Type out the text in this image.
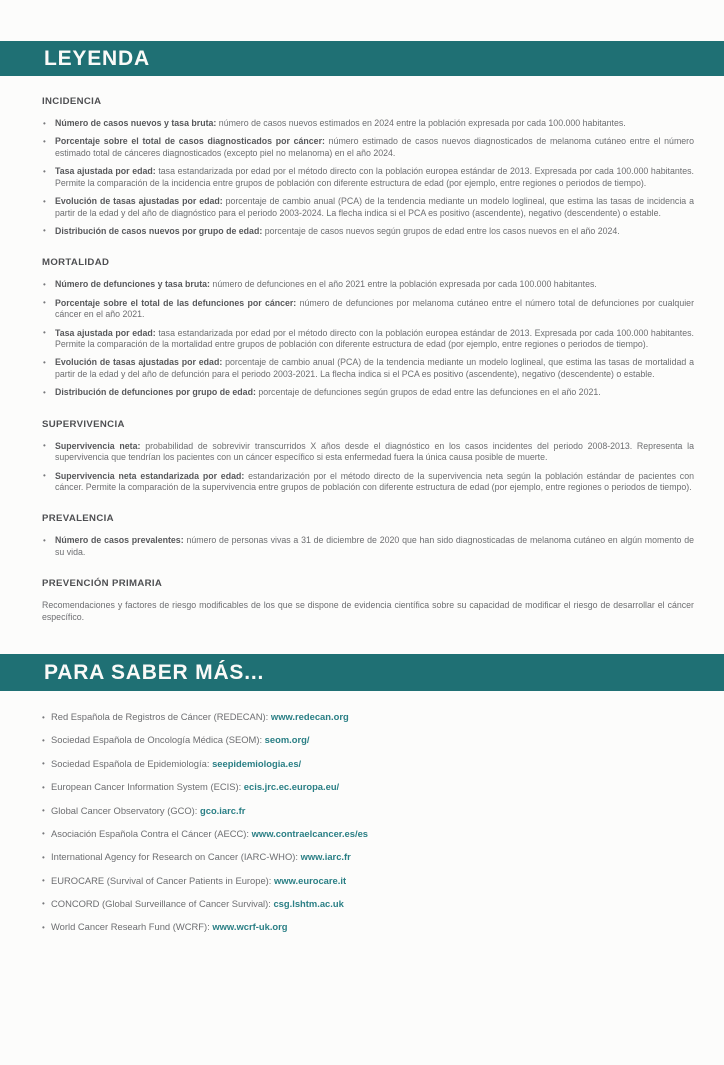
LEYENDA
INCIDENCIA
• Número de casos nuevos y tasa bruta: número de casos nuevos estimados en 2024 entre la población expresada por cada 100.000 habitantes.
• Porcentaje sobre el total de casos diagnosticados por cáncer: número estimado de casos nuevos diagnosticados de melanoma cutáneo entre el número estimado total de cánceres diagnosticados (excepto piel no melanoma) en el año 2024.
• Tasa ajustada por edad: tasa estandarizada por edad por el método directo con la población europea estándar de 2013. Expresada por cada 100.000 habitantes. Permite la comparación de la incidencia entre grupos de población con diferente estructura de edad (por ejemplo, entre regiones o periodos de tiempo).
• Evolución de tasas ajustadas por edad: porcentaje de cambio anual (PCA) de la tendencia mediante un modelo loglineal, que estima las tasas de incidencia a partir de la edad y del año de diagnóstico para el periodo 2003-2024. La flecha indica si el PCA es positivo (ascendente), negativo (descendente) o estable.
• Distribución de casos nuevos por grupo de edad: porcentaje de casos nuevos según grupos de edad entre los casos nuevos en el año 2024.
MORTALIDAD
• Número de defunciones y tasa bruta: número de defunciones en el año 2021 entre la población expresada por cada 100.000 habitantes.
• Porcentaje sobre el total de las defunciones por cáncer: número de defunciones por melanoma cutáneo entre el número total de defunciones por cualquier cáncer en el año 2021.
• Tasa ajustada por edad: tasa estandarizada por edad por el método directo con la población europea estándar de 2013. Expresada por cada 100.000 habitantes. Permite la comparación de la mortalidad entre grupos de población con diferente estructura de edad (por ejemplo, entre regiones o periodos de tiempo).
• Evolución de tasas ajustadas por edad: porcentaje de cambio anual (PCA) de la tendencia mediante un modelo loglineal, que estima las tasas de mortalidad a partir de la edad y del año de defunción para el periodo 2003-2021. La flecha indica si el PCA es positivo (ascendente), negativo (descendente) o estable.
• Distribución de defunciones por grupo de edad: porcentaje de defunciones según grupos de edad entre las defunciones en el año 2021.
SUPERVIVENCIA
• Supervivencia neta: probabilidad de sobrevivir transcurridos X años desde el diagnóstico en los casos incidentes del periodo 2008-2013. Representa la supervivencia que tendrían los pacientes con un cáncer específico si esta enfermedad fuera la única causa posible de muerte.
• Supervivencia neta estandarizada por edad: estandarización por el método directo de la supervivencia neta según la población estándar de pacientes con cáncer. Permite la comparación de la supervivencia entre grupos de población con diferente estructura de edad (por ejemplo, entre regiones o periodos de tiempo).
PREVALENCIA
• Número de casos prevalentes: número de personas vivas a 31 de diciembre de 2020 que han sido diagnosticadas de melanoma cutáneo en algún momento de su vida.
PREVENCIÓN PRIMARIA

Recomendaciones y factores de riesgo modificables de los que se dispone de evidencia científica sobre su capacidad de modificar el riesgo de desarrollar el cáncer específico.

PARA SABER MÁS...
• Red Española de Registros de Cáncer (REDECAN): www.redecan.org
• Sociedad Española de Oncología Médica (SEOM): seom.org/
• Sociedad Española de Epidemiología: seepidemiologia.es/
• European Cancer Information System (ECIS): ecis.jrc.ec.europa.eu/
• Global Cancer Observatory (GCO): gco.iarc.fr
• Asociación Española Contra el Cáncer (AECC): www.contraelcancer.es/es
• International Agency for Research on Cancer (IARC-WHO): www.iarc.fr
• EUROCARE (Survival of Cancer Patients in Europe): www.eurocare.it
• CONCORD (Global Surveillance of Cancer Survival): csg.lshtm.ac.uk
• World Cancer Researh Fund (WCRF): www.wcrf-uk.org
